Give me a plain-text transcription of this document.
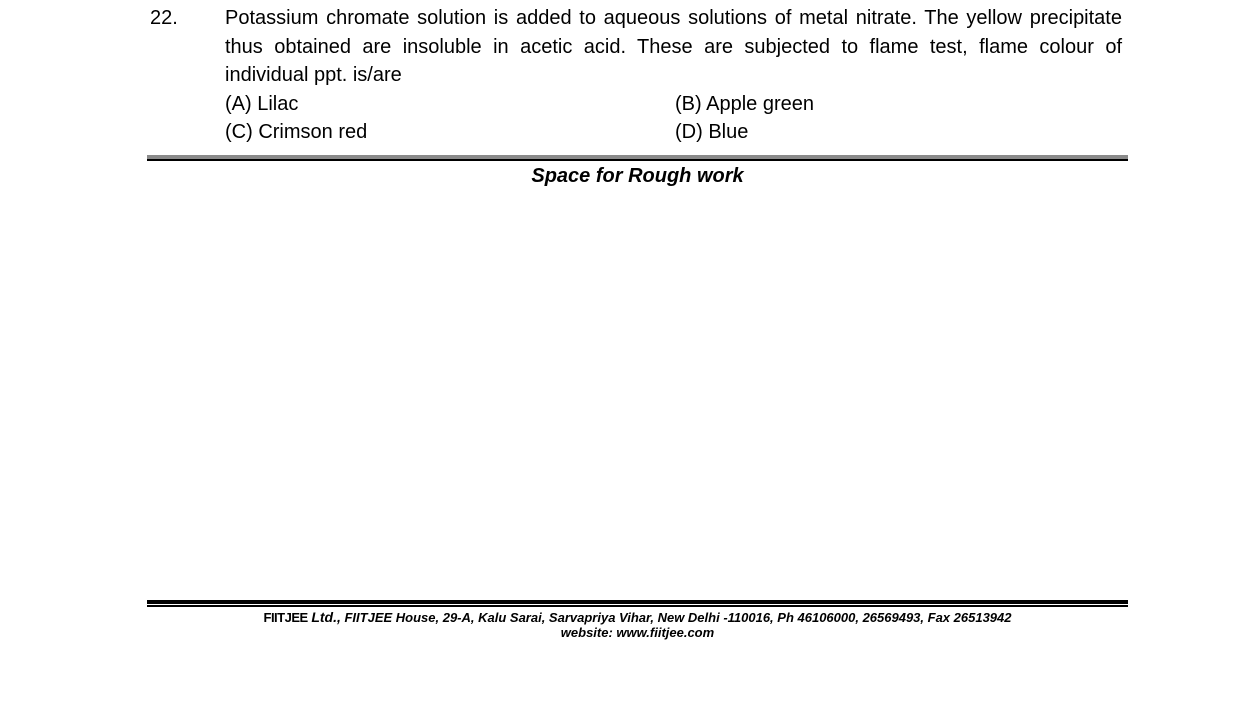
22. Potassium chromate solution is added to aqueous solutions of metal nitrate. The yellow precipitate thus obtained are insoluble in acetic acid. These are subjected to flame test, flame colour of individual ppt. is/are
(A) Lilac	(B) Apple green
(C) Crimson red	(D) Blue
Space for Rough work
FIITJEE Ltd., FIITJEE House, 29-A, Kalu Sarai, Sarvapriya Vihar, New Delhi -110016, Ph 46106000, 26569493, Fax 26513942
website: www.fiitjee.com
